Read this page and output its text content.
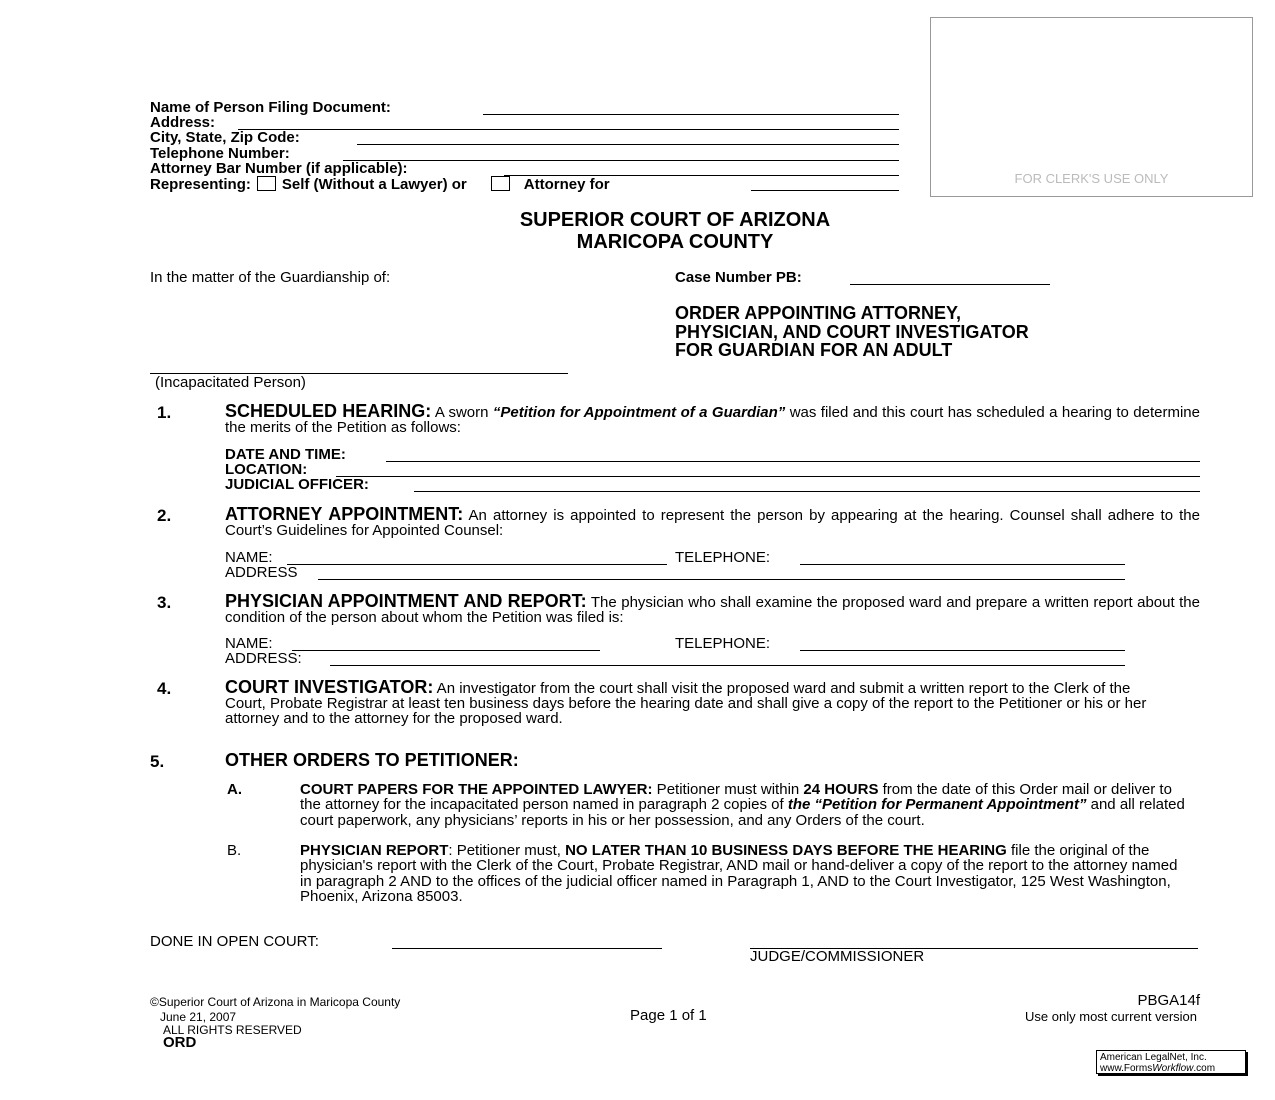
Name of Person Filing Document:
Address:
City, State, Zip Code:
Telephone Number:
Attorney Bar Number (if applicable):
Representing: Self (Without a Lawyer) or	Attorney for	FOR CLERK'S USE ONLY
SUPERIOR COURT OF ARIZONA
MARICOPA COUNTY
In the matter of the Guardianship of:	Case Number PB:
ORDER APPOINTING ATTORNEY,
PHYSICIAN, AND COURT INVESTIGATOR
FOR GUARDIAN FOR AN ADULT
(Incapacitated Person)
1.	SCHEDULED HEARING: A sworn “Petition for Appointment of a Guardian” was filed and this court has scheduled a hearing to determine the merits of the Petition as follows:
DATE AND TIME:
LOCATION:
JUDICIAL OFFICER:
2.	ATTORNEY APPOINTMENT: An attorney is appointed to represent the person by appearing at the hearing. Counsel shall adhere to the Court’s Guidelines for Appointed Counsel:
NAME:	TELEPHONE:
ADDRESS
3.	PHYSICIAN APPOINTMENT AND REPORT: The physician who shall examine the proposed ward and prepare a written report about the condition of the person about whom the Petition was filed is:
NAME:	TELEPHONE:
ADDRESS:
4.	COURT INVESTIGATOR: An investigator from the court shall visit the proposed ward and submit a written report to the Clerk of the Court, Probate Registrar at least ten business days before the hearing date and shall give a copy of the report to the Petitioner or his or her attorney and to the attorney for the proposed ward.
5.	OTHER ORDERS TO PETITIONER:
A.	COURT PAPERS FOR THE APPOINTED LAWYER: Petitioner must within 24 HOURS from the date of this Order mail or deliver to the attorney for the incapacitated person named in paragraph 2 copies of the “Petition for Permanent Appointment” and all related court paperwork, any physicians’ reports in his or her possession, and any Orders of the court.
B.	PHYSICIAN REPORT: Petitioner must, NO LATER THAN 10 BUSINESS DAYS BEFORE THE HEARING file the original of the physician's report with the Clerk of the Court, Probate Registrar, AND mail or hand-deliver a copy of the report to the attorney named in paragraph 2 AND to the offices of the judicial officer named in Paragraph 1, AND to the Court Investigator, 125 West Washington, Phoenix, Arizona 85003.
DONE IN OPEN COURT:
JUDGE/COMMISSIONER
©Superior Court of Arizona in Maricopa County
June 21, 2007
ALL RIGHTS RESERVED
ORD
Page 1 of 1
PBGA14f
Use only most current version
American LegalNet, Inc.
www.FormsWorkflow.com
